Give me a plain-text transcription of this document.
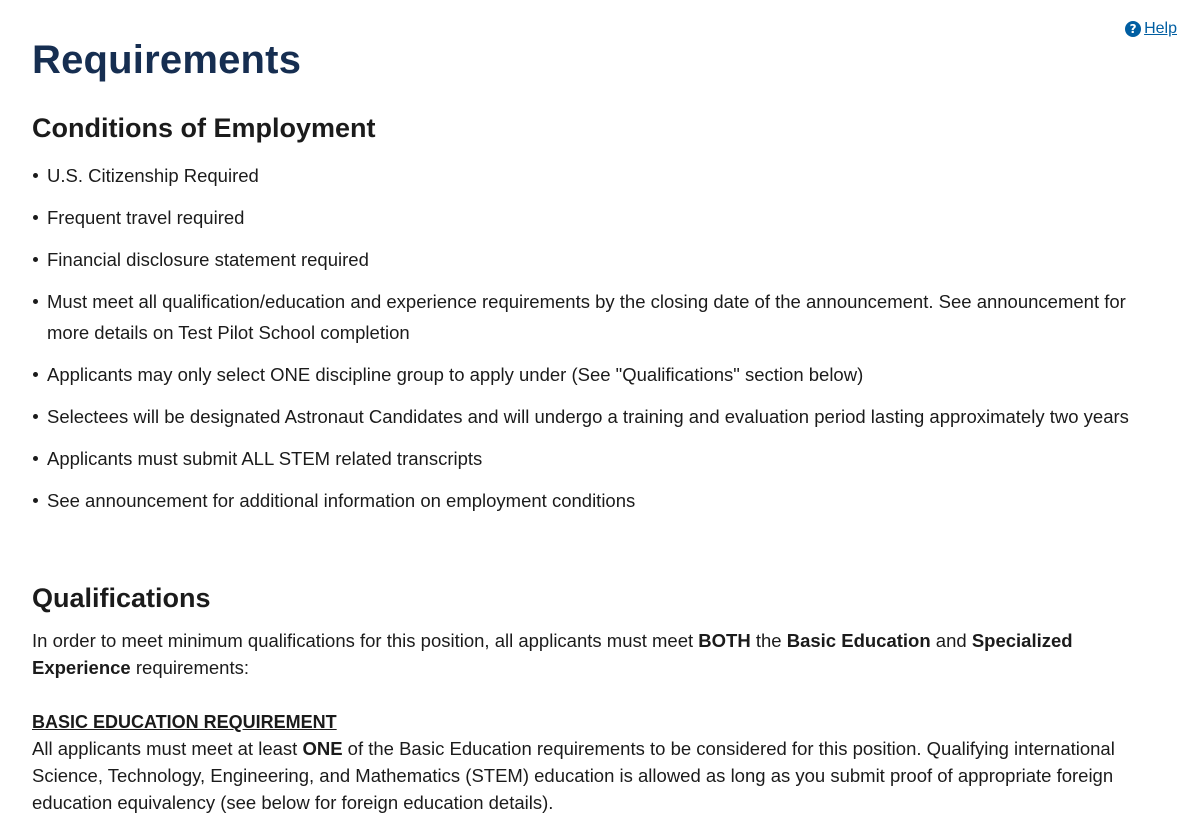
? Help
Requirements
Conditions of Employment
U.S. Citizenship Required
Frequent travel required
Financial disclosure statement required
Must meet all qualification/education and experience requirements by the closing date of the announcement. See announcement for more details on Test Pilot School completion
Applicants may only select ONE discipline group to apply under (See "Qualifications" section below)
Selectees will be designated Astronaut Candidates and will undergo a training and evaluation period lasting approximately two years
Applicants must submit ALL STEM related transcripts
See announcement for additional information on employment conditions
Qualifications

In order to meet minimum qualifications for this position, all applicants must meet BOTH the Basic Education and Specialized Experience requirements:

BASIC EDUCATION REQUIREMENT

All applicants must meet at least ONE of the Basic Education requirements to be considered for this position. Qualifying international Science, Technology, Engineering, and Mathematics (STEM) education is allowed as long as you submit proof of appropriate foreign education equivalency (see below for foreign education details).
